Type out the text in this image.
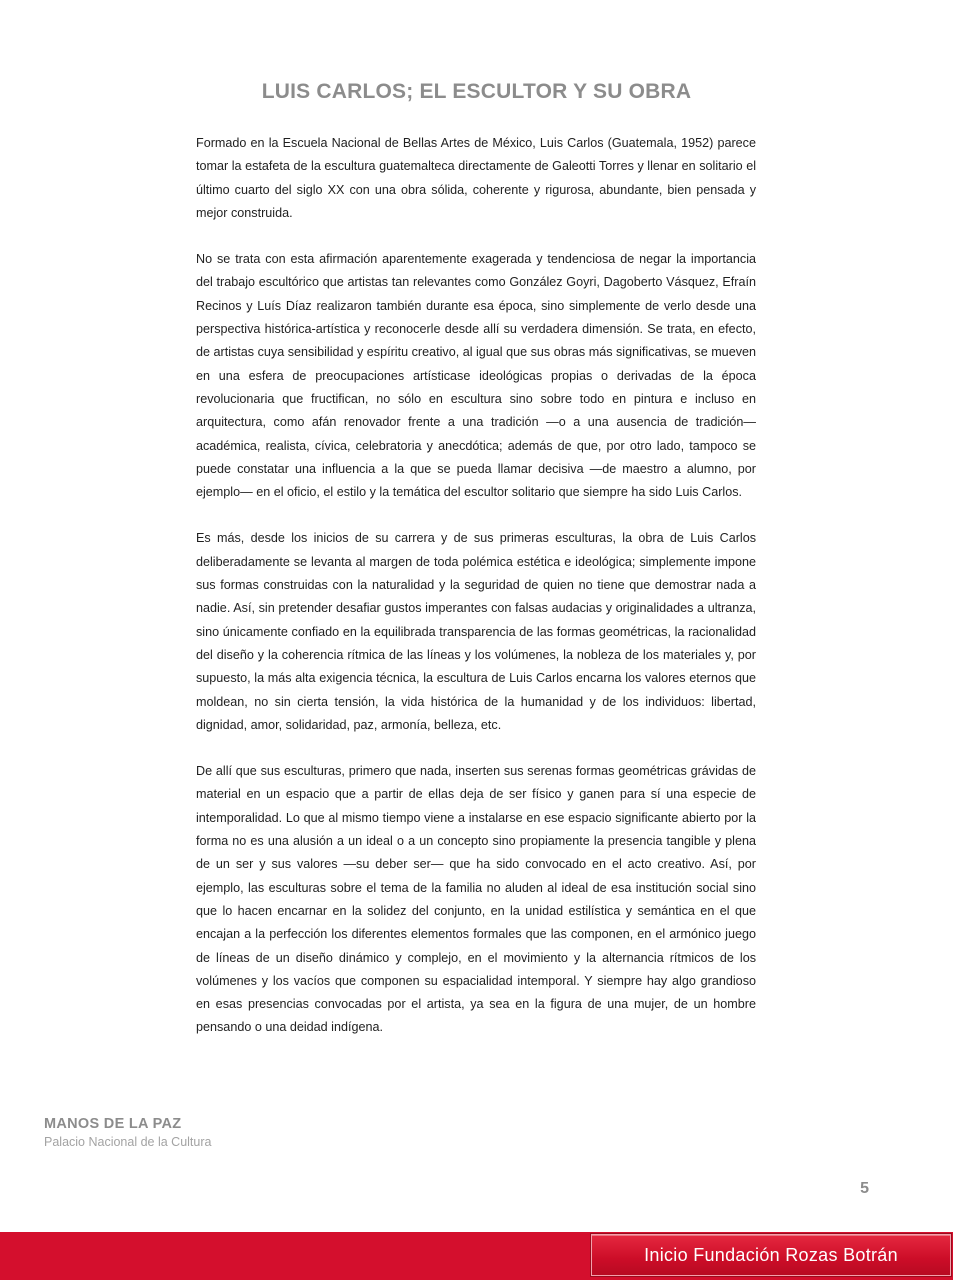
LUIS CARLOS; EL ESCULTOR Y SU OBRA

Formado en la Escuela Nacional de Bellas Artes de México, Luis Carlos (Guatemala, 1952) parece tomar la estafeta de la escultura guatemalteca directamente de Galeotti Torres y llenar en solitario el último cuarto del siglo XX con una obra sólida, coherente y rigurosa, abundante, bien pensada y mejor construida.

No se trata con esta afirmación aparentemente exagerada y tendenciosa de negar la importancia del trabajo escultórico que artistas tan relevantes como González Goyri, Dagoberto Vásquez, Efraín Recinos y Luís Díaz realizaron también durante esa época, sino simplemente de verlo desde una perspectiva histórica-artística y reconocerle desde allí su verdadera dimensión. Se trata, en efecto, de artistas cuya sensibilidad y espíritu creativo, al igual que sus obras más significativas, se mueven en una esfera de preocupaciones artísticase ideológicas propias o derivadas de la época revolucionaria que fructifican, no sólo en escultura sino sobre todo en pintura e incluso en arquitectura, como afán renovador frente a una tradición —o a una ausencia de tradición— académica, realista, cívica, celebratoria y anecdótica; además de que, por otro lado, tampoco se puede constatar una influencia a la que se pueda llamar decisiva —de maestro a alumno, por ejemplo— en el oficio, el estilo y la temática del escultor solitario que siempre ha sido Luis Carlos.

Es más, desde los inicios de su carrera y de sus primeras esculturas, la obra de Luis Carlos deliberadamente se levanta al margen de toda polémica estética e ideológica; simplemente impone sus formas construidas con la naturalidad y la seguridad de quien no tiene que demostrar nada a nadie. Así, sin pretender desafiar gustos imperantes con falsas audacias y originalidades a ultranza, sino únicamente confiado en la equilibrada transparencia de las formas geométricas, la racionalidad del diseño y la coherencia rítmica de las líneas y los volúmenes, la nobleza de los materiales y, por supuesto, la más alta exigencia técnica, la escultura de Luis Carlos encarna los valores eternos que moldean, no sin cierta tensión, la vida histórica de la humanidad y de los individuos: libertad, dignidad, amor, solidaridad, paz, armonía, belleza, etc.

De allí que sus esculturas, primero que nada, inserten sus serenas formas geométricas grávidas de material en un espacio que a partir de ellas deja de ser físico y ganen para sí una especie de intemporalidad. Lo que al mismo tiempo viene a instalarse en ese espacio significante abierto por la forma no es una alusión a un ideal o a un concepto sino propiamente la presencia tangible y plena de un ser y sus valores —su deber ser— que ha sido convocado en el acto creativo. Así, por ejemplo, las esculturas sobre el tema de la familia no aluden al ideal de esa institución social sino que lo hacen encarnar en la solidez del conjunto, en la unidad estilística y semántica en el que encajan a la perfección los diferentes elementos formales que las componen, en el armónico juego de líneas de un diseño dinámico y complejo, en el movimiento y la alternancia rítmicos de los volúmenes y los vacíos que componen su espacialidad intemporal. Y siempre hay algo grandioso en esas presencias convocadas por el artista, ya sea en la figura de una mujer, de un hombre pensando o una deidad indígena.

MANOS DE LA PAZ
Palacio Nacional de la Cultura
5
Inicio Fundación Rozas Botrán
